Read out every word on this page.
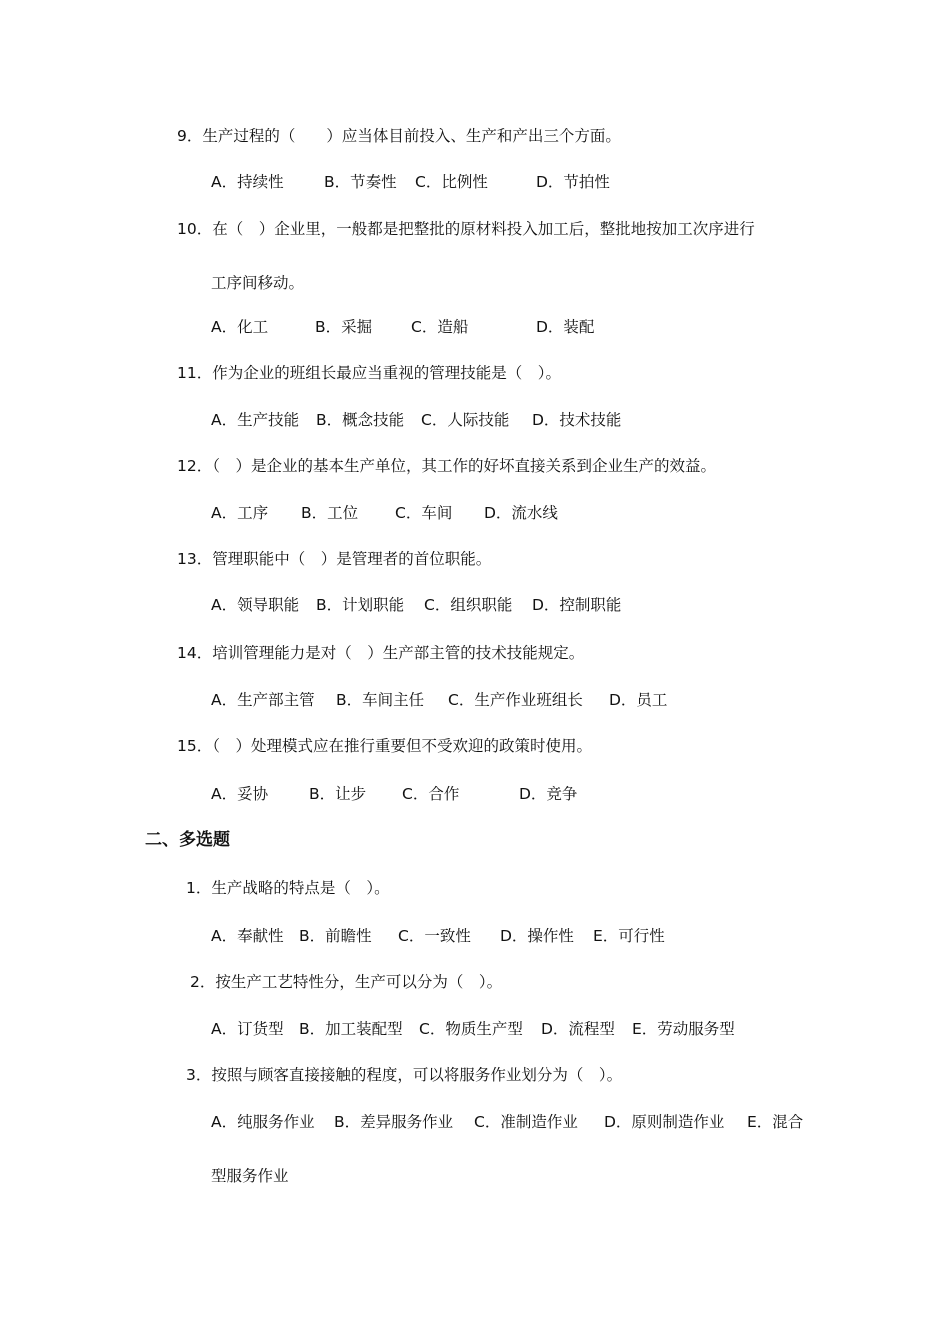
9．生产过程的（　　）应当体目前投入、生产和产出三个方面。
A．持续性	B．节奏性 C．比例性	D．节拍性
10．在（　）企业里，一般都是把整批的原材料投入加工后，整批地按加工次序进行
工序间移动。
A．化工	B．采掘	C．造船	D．装配
11．作为企业的班组长最应当重视的管理技能是（　）。
A．生产技能 B．概念技能 C．人际技能 D．技术技能
12．（　）是企业的基本生产单位，其工作的好坏直接关系到企业生产的效益。
A．工序 B．工位 C．车间 D．流水线
13．管理职能中（　）是管理者的首位职能。
A．领导职能 B．计划职能 C．组织职能 D．控制职能
14．培训管理能力是对（　）生产部主管的技术技能规定。
A．生产部主管 B．车间主任 C．生产作业班组长 D．员工
15．（　）处理模式应在推行重要但不受欢迎的政策时使用。
A．妥协	B．让步 C．合作	D．竞争
二、多选题
1．生产战略的特点是（　）。
A．奉献性 B．前瞻性 C．一致性 D．操作性 E．可行性
2．按生产工艺特性分，生产可以分为（　）。
A．订货型 B．加工装配型 C．物质生产型 D．流程型 E．劳动服务型
3．按照与顾客直接接触的程度，可以将服务作业划分为（　）。
A．纯服务作业 B．差异服务作业 C．准制造作业 D．原则制造作业 E．混合
型服务作业
